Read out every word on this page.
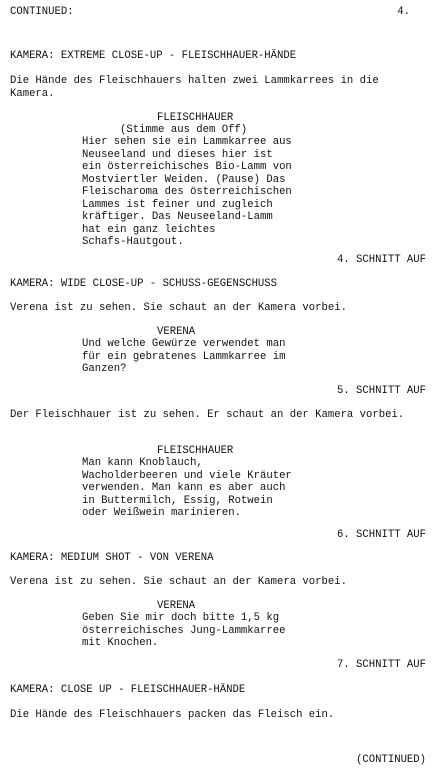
CONTINUED:	4.
KAMERA: EXTREME CLOSE-UP - FLEISCHHAUER-HÄNDE
Die Hände des Fleischhauers halten zwei Lammkarrees in die Kamera.
FLEISCHHAUER
(Stimme aus dem Off)
Hier sehen sie ein Lammkarree aus
Neuseeland und dieses hier ist
ein österreichisches Bio-Lamm von
Mostviertler Weiden. (Pause) Das
Fleischaroma des österreichischen
Lammes ist feiner und zugleich
kräftiger. Das Neuseeland-Lamm
hat ein ganz leichtes
Schafs-Hautgout.
4. SCHNITT AUF
KAMERA: WIDE CLOSE-UP - SCHUSS-GEGENSCHUSS
Verena ist zu sehen. Sie schaut an der Kamera vorbei.
VERENA
Und welche Gewürze verwendet man
für ein gebratenes Lammkarree im
Ganzen?
5. SCHNITT AUF
Der Fleischhauer ist zu sehen. Er schaut an der Kamera vorbei.
FLEISCHHAUER
Man kann Knoblauch,
Wacholderbeeren und viele Kräuter
verwenden. Man kann es aber auch
in Buttermilch, Essig, Rotwein
oder Weißwein marinieren.
6. SCHNITT AUF
KAMERA: MEDIUM SHOT - VON VERENA
Verena ist zu sehen. Sie schaut an der Kamera vorbei.
VERENA
Geben Sie mir doch bitte 1,5 kg
österreichisches Jung-Lammkarree
mit Knochen.
7. SCHNITT AUF
KAMERA: CLOSE UP - FLEISCHHAUER-HÄNDE
Die Hände des Fleischhauers packen das Fleisch ein.
(CONTINUED)
